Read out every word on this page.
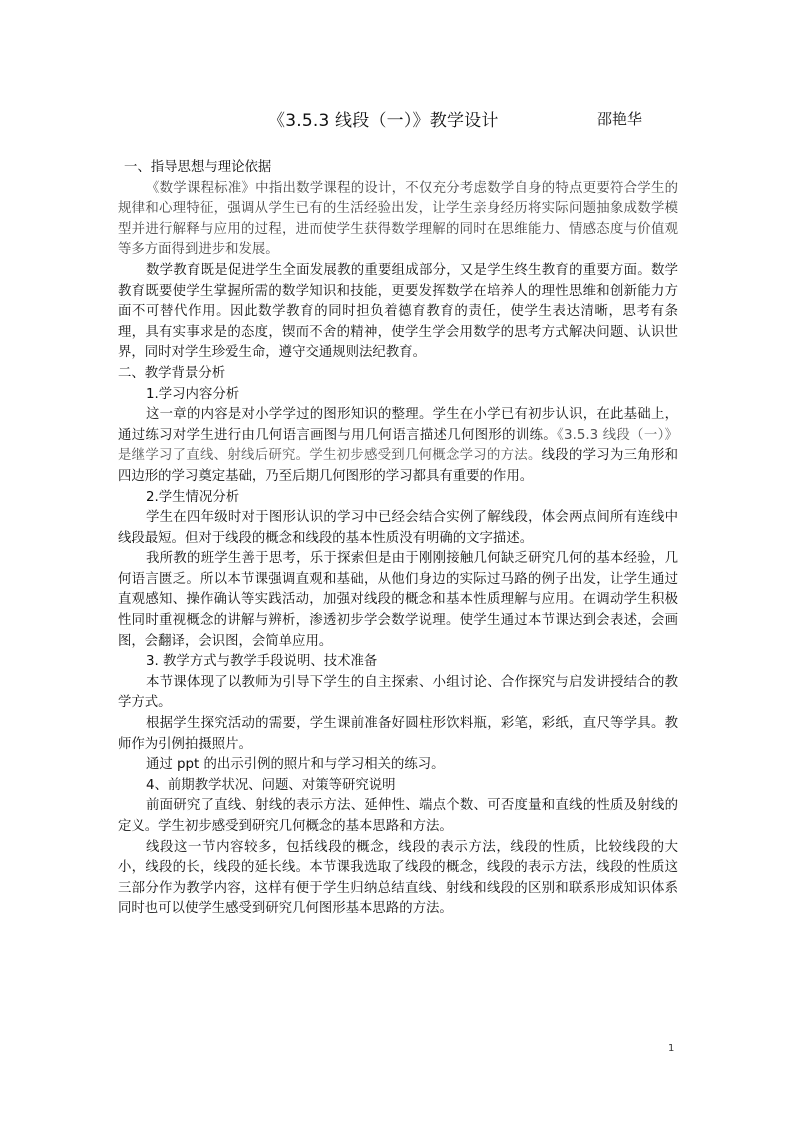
《3.5.3 线段（一）》教学设计	邵艳华

一、指导思想与理论依据

《数学课程标准》中指出数学课程的设计，不仅充分考虑数学自身的特点更要符合学生的规律和心理特征，强调从学生已有的生活经验出发，让学生亲身经历将实际问题抽象成数学模型并进行解释与应用的过程，进而使学生获得数学理解的同时在思维能力、情感态度与价值观等多方面得到进步和发展。

数学教育既是促进学生全面发展教的重要组成部分，又是学生终生教育的重要方面。数学教育既要使学生掌握所需的数学知识和技能，更要发挥数学在培养人的理性思维和创新能力方面不可替代作用。因此数学教育的同时担负着德育教育的责任，使学生表达清晰，思考有条理，具有实事求是的态度，锲而不舍的精神，使学生学会用数学的思考方式解决问题、认识世界，同时对学生珍爱生命，遵守交通规则法纪教育。

二、教学背景分析

1.学习内容分析

这一章的内容是对小学学过的图形知识的整理。学生在小学已有初步认识，在此基础上，通过练习对学生进行由几何语言画图与用几何语言描述几何图形的训练。《3.5.3 线段（一）》是继学习了直线、射线后研究。学生初步感受到几何概念学习的方法。线段的学习为三角形和四边形的学习奠定基础，乃至后期几何图形的学习都具有重要的作用。

2.学生情况分析

学生在四年级时对于图形认识的学习中已经会结合实例了解线段，体会两点间所有连线中线段最短。但对于线段的概念和线段的基本性质没有明确的文字描述。

我所教的班学生善于思考，乐于探索但是由于刚刚接触几何缺乏研究几何的基本经验，几何语言匮乏。所以本节课强调直观和基础，从他们身边的实际过马路的例子出发，让学生通过直观感知、操作确认等实践活动，加强对线段的概念和基本性质理解与应用。在调动学生积极性同时重视概念的讲解与辨析，渗透初步学会数学说理。使学生通过本节课达到会表述，会画图，会翻译，会识图，会简单应用。

3. 教学方式与教学手段说明、技术准备

本节课体现了以教师为引导下学生的自主探索、小组讨论、合作探究与启发讲授结合的教学方式。

根据学生探究活动的需要，学生课前准备好圆柱形饮料瓶，彩笔，彩纸，直尺等学具。教师作为引例拍摄照片。

通过 ppt 的出示引例的照片和与学习相关的练习。

4、前期教学状况、问题、对策等研究说明

前面研究了直线、射线的表示方法、延伸性、端点个数、可否度量和直线的性质及射线的定义。学生初步感受到研究几何概念的基本思路和方法。

线段这一节内容较多，包括线段的概念，线段的表示方法，线段的性质，比较线段的大小，线段的长，线段的延长线。本节课我选取了线段的概念，线段的表示方法，线段的性质这三部分作为教学内容，这样有便于学生归纳总结直线、射线和线段的区别和联系形成知识体系同时也可以使学生感受到研究几何图形基本思路的方法。

1
